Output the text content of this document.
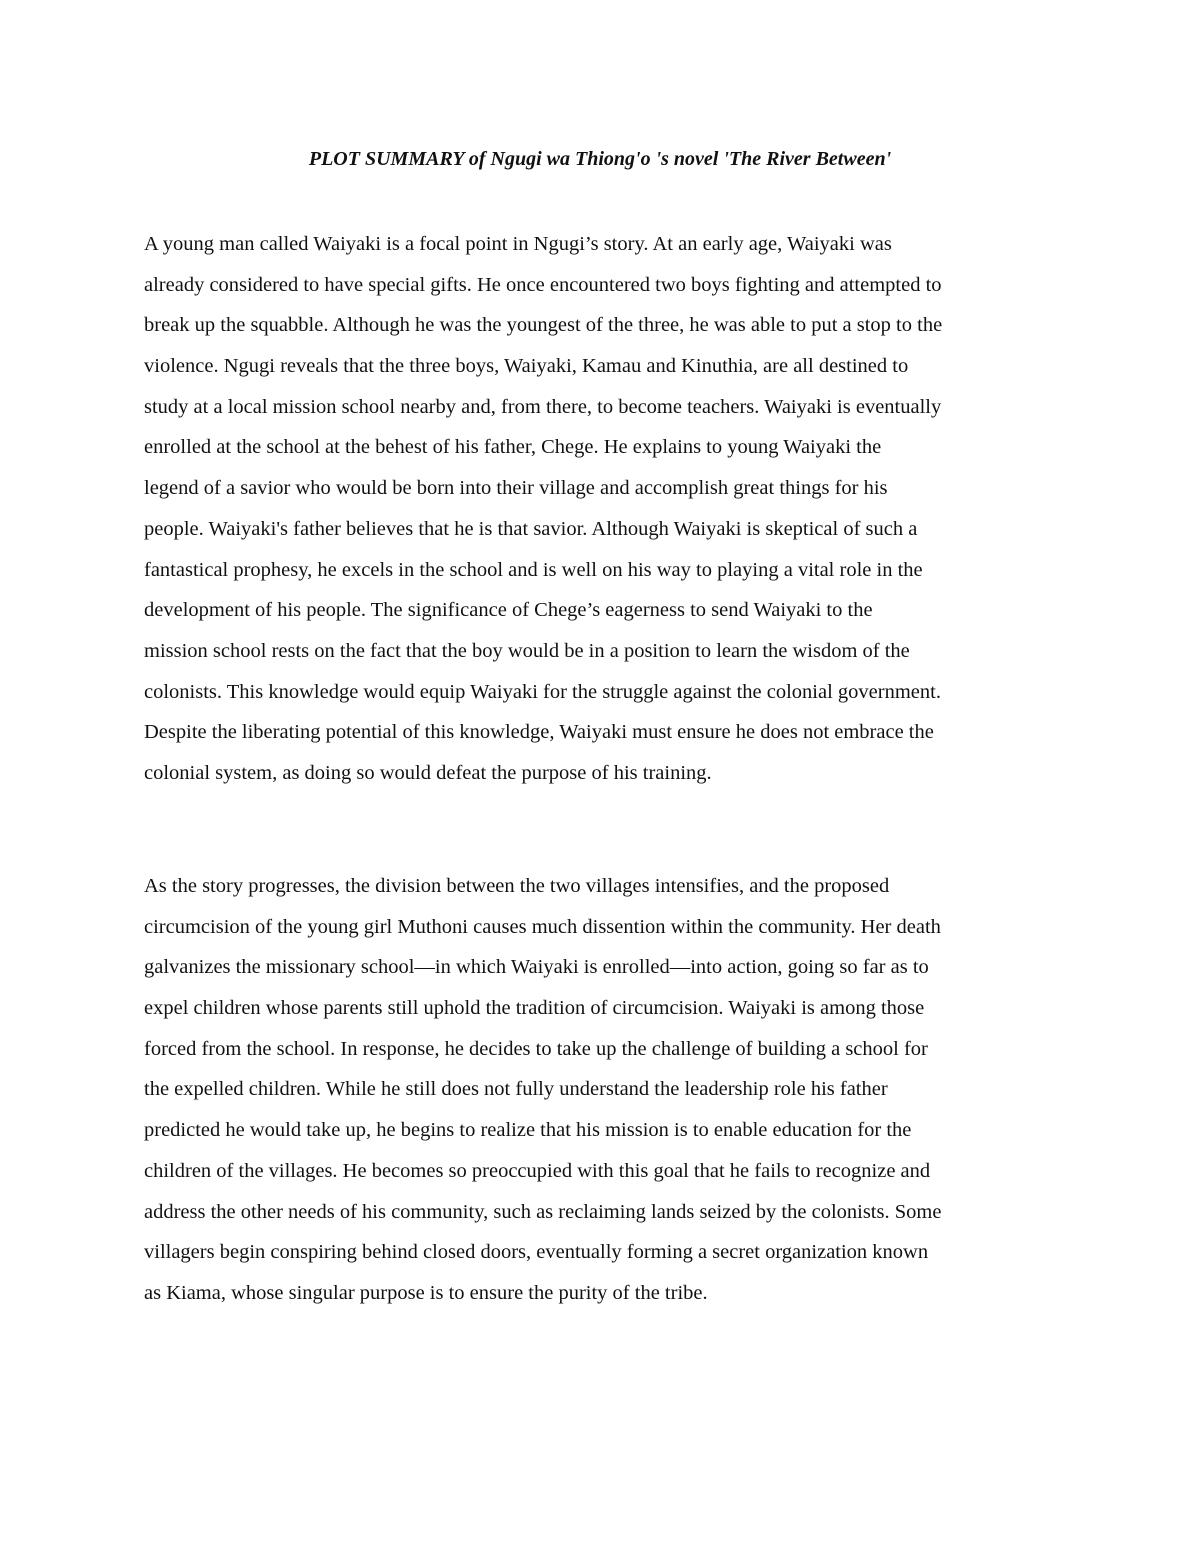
PLOT SUMMARY of Ngugi wa Thiong'o 's novel 'The River Between'

A young man called Waiyaki is a focal point in Ngugi’s story. At an early age, Waiyaki was
already considered to have special gifts. He once encountered two boys fighting and attempted to
break up the squabble. Although he was the youngest of the three, he was able to put a stop to the
violence. Ngugi reveals that the three boys, Waiyaki, Kamau and Kinuthia, are all destined to
study at a local mission school nearby and, from there, to become teachers. Waiyaki is eventually
enrolled at the school at the behest of his father, Chege. He explains to young Waiyaki the
legend of a savior who would be born into their village and accomplish great things for his
people. Waiyaki's father believes that he is that savior. Although Waiyaki is skeptical of such a
fantastical prophesy, he excels in the school and is well on his way to playing a vital role in the
development of his people. The significance of Chege’s eagerness to send Waiyaki to the
mission school rests on the fact that the boy would be in a position to learn the wisdom of the
colonists. This knowledge would equip Waiyaki for the struggle against the colonial government.
Despite the liberating potential of this knowledge, Waiyaki must ensure he does not embrace the
colonial system, as doing so would defeat the purpose of his training.

As the story progresses, the division between the two villages intensifies, and the proposed
circumcision of the young girl Muthoni causes much dissention within the community. Her death
galvanizes the missionary school—in which Waiyaki is enrolled—into action, going so far as to
expel children whose parents still uphold the tradition of circumcision. Waiyaki is among those
forced from the school. In response, he decides to take up the challenge of building a school for
the expelled children. While he still does not fully understand the leadership role his father
predicted he would take up, he begins to realize that his mission is to enable education for the
children of the villages. He becomes so preoccupied with this goal that he fails to recognize and
address the other needs of his community, such as reclaiming lands seized by the colonists. Some
villagers begin conspiring behind closed doors, eventually forming a secret organization known
as Kiama, whose singular purpose is to ensure the purity of the tribe.
